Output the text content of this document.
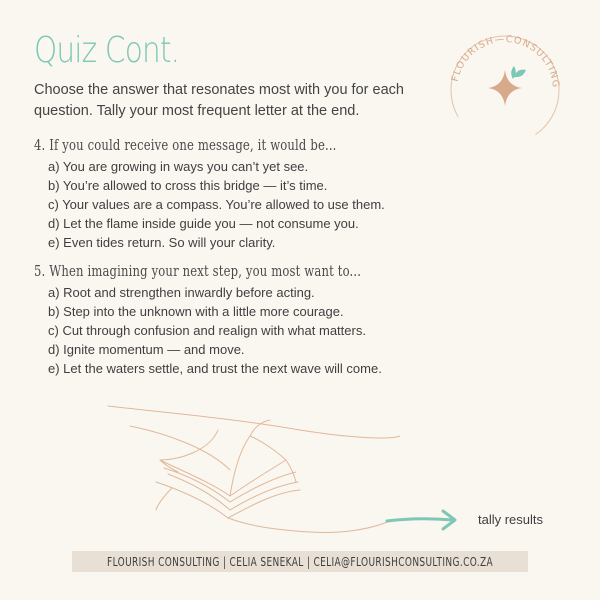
Quiz Cont.

Choose the answer that resonates most with you for each question. Tally your most frequent letter at the end.

FLOURISH—CONSULTING

4. If you could receive one message, it would be...

a) You are growing in ways you can’t yet see.
b) You’re allowed to cross this bridge — it’s time.
c) Your values are a compass. You’re allowed to use them.
d) Let the flame inside guide you — not consume you.
e) Even tides return. So will your clarity.

5. When imagining your next step, you most want to...

a) Root and strengthen inwardly before acting.
b) Step into the unknown with a little more courage.
c) Cut through confusion and realign with what matters.
d) Ignite momentum — and move.
e) Let the waters settle, and trust the next wave will come.
tally results
FLOURISH CONSULTING | CELIA SENEKAL | CELIA@FLOURISHCONSULTING.CO.ZA
